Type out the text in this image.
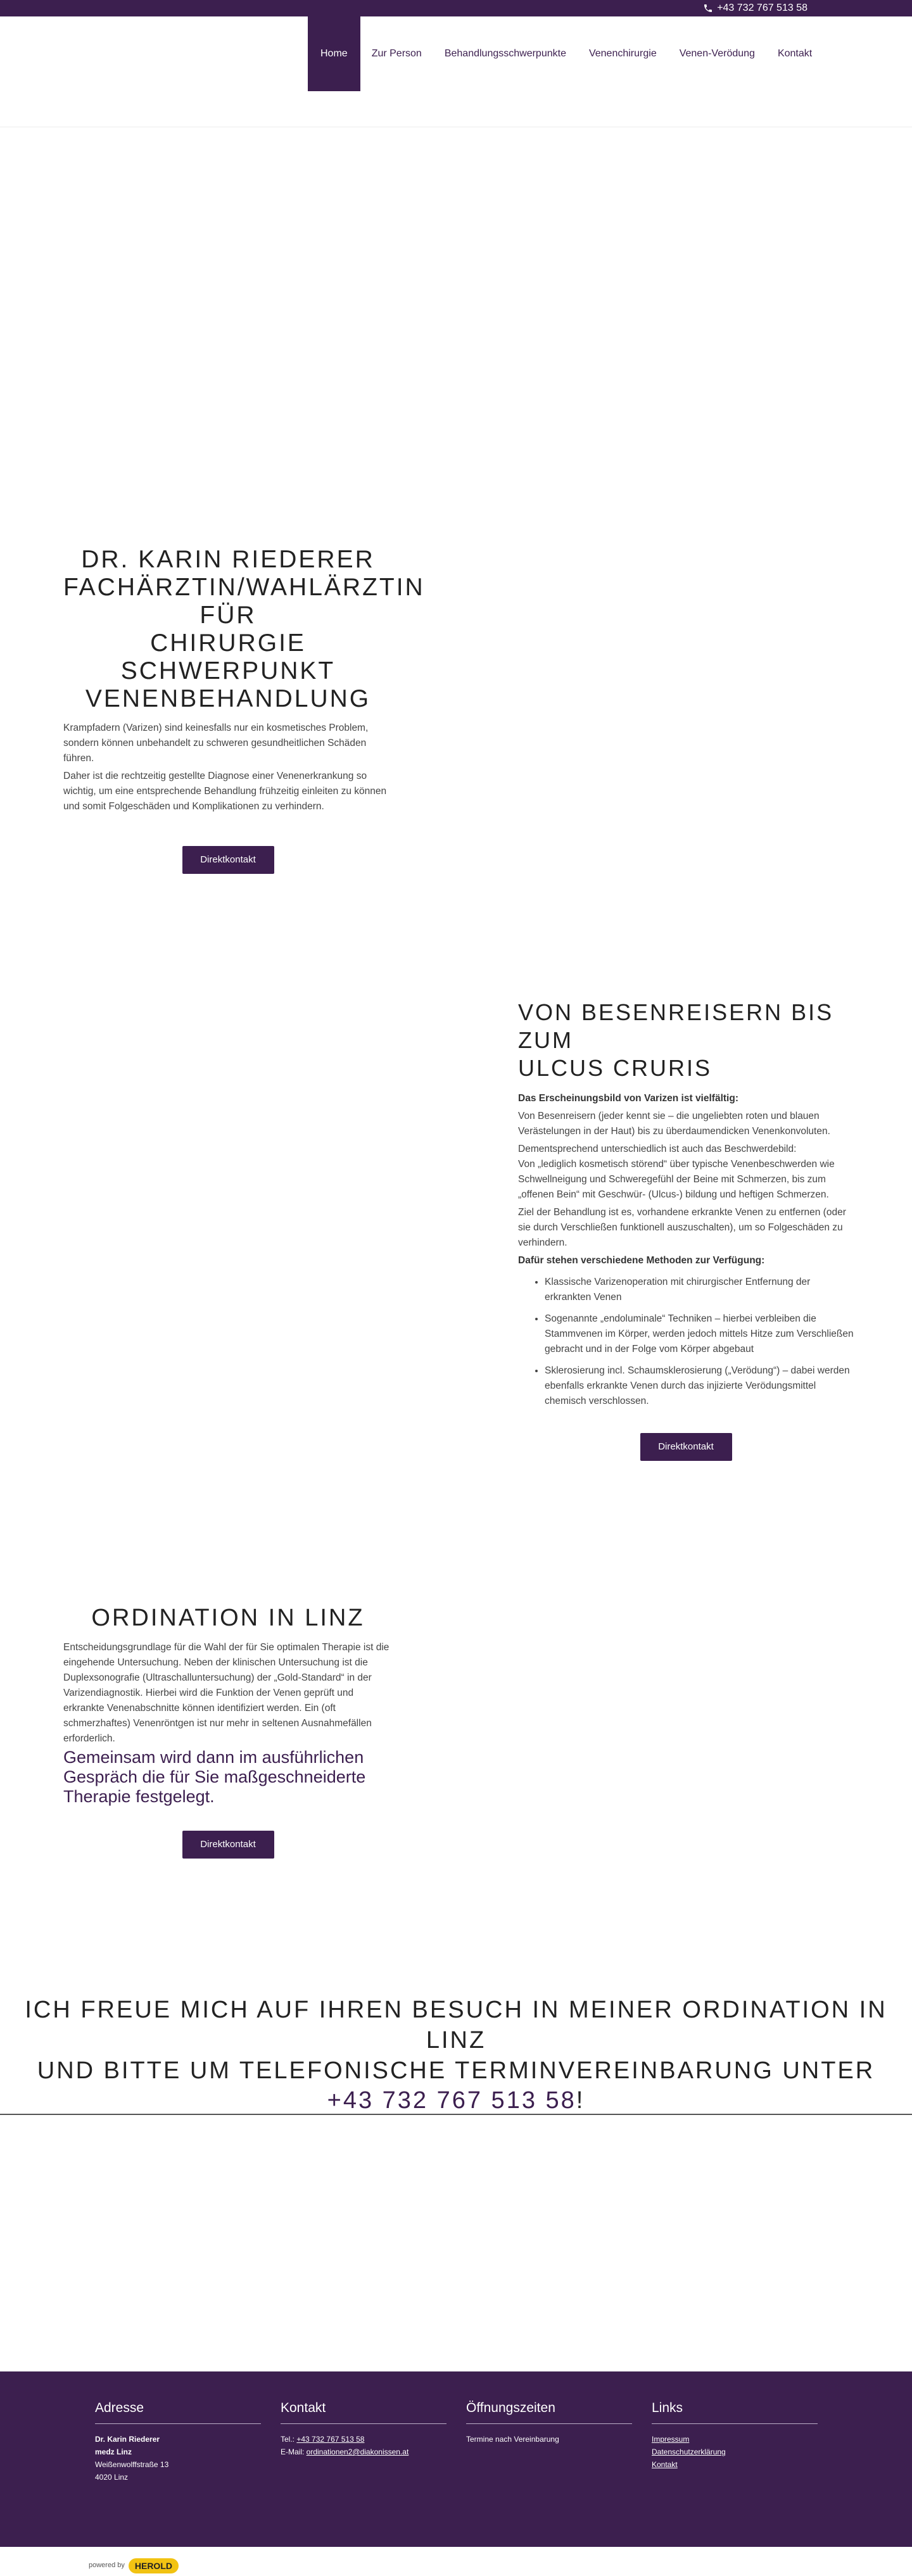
+43 732 767 513 58
Home	Zur Person	Behandlungsschwerpunkte	Venenchirurgie	Venen-Verödung	Kontakt
DR. KARIN RIEDERER
FACHÄRZTIN/WAHLÄRZTIN FÜR
CHIRURGIE
SCHWERPUNKT
VENENBEHANDLUNG

Krampfadern (Varizen) sind keinesfalls nur ein kosmetisches Problem, sondern können unbehandelt zu schweren gesundheitlichen Schäden führen.

Daher ist die rechtzeitig gestellte Diagnose einer Venenerkrankung so wichtig, um eine entsprechende Behandlung frühzeitig einleiten zu können und somit Folgeschäden und Komplikationen zu verhindern.

Direktkontakt
VON BESENREISERN BIS ZUM
ULCUS CRURIS

Das Erscheinungsbild von Varizen ist vielfältig:

Von Besenreisern (jeder kennt sie – die ungeliebten roten und blauen Verästelungen in der Haut) bis zu überdaumendicken Venenkonvoluten.

Dementsprechend unterschiedlich ist auch das Beschwerdebild:
Von „lediglich kosmetisch störend“ über typische Venenbeschwerden wie Schwellneigung und Schweregefühl der Beine mit Schmerzen, bis zum „offenen Bein“ mit Geschwür- (Ulcus-) bildung und heftigen Schmerzen.

Ziel der Behandlung ist es, vorhandene erkrankte Venen zu entfernen (oder sie durch Verschließen funktionell auszuschalten), um so Folgeschäden zu verhindern.

Dafür stehen verschiedene Methoden zur Verfügung:

• Klassische Varizenoperation mit chirurgischer Entfernung der erkrankten Venen
• Sogenannte „endoluminale“ Techniken – hierbei verbleiben die Stammvenen im Körper, werden jedoch mittels Hitze zum Verschließen gebracht und in der Folge vom Körper abgebaut
• Sklerosierung incl. Schaumsklerosierung („Verödung“) – dabei werden ebenfalls erkrankte Venen durch das injizierte Verödungsmittel chemisch verschlossen.
Direktkontakt
ORDINATION IN LINZ

Entscheidungsgrundlage für die Wahl der für Sie optimalen Therapie ist die eingehende Untersuchung. Neben der klinischen Untersuchung ist die Duplexsonografie (Ultraschalluntersuchung) der „Gold-Standard“ in der Varizendiagnostik. Hierbei wird die Funktion der Venen geprüft und erkrankte Venenabschnitte können identifiziert werden. Ein (oft schmerzhaftes) Venenröntgen ist nur mehr in seltenen Ausnahmefällen erforderlich.

Gemeinsam wird dann im ausführlichen Gespräch die für Sie maßgeschneiderte Therapie festgelegt.

Direktkontakt
ICH FREUE MICH AUF IHREN BESUCH IN MEINER ORDINATION IN LINZ
UND BITTE UM TELEFONISCHE TERMINVEREINBARUNG UNTER
+43 732 767 513 58!
Adresse
Dr. Karin Riederer
medz Linz
Weißenwolffstraße 13
4020 Linz
Kontakt
Tel.: +43 732 767 513 58
E-Mail: ordinationen2@diakonissen.at
Öffnungszeiten
Termine nach Vereinbarung
Links
Impressum
Datenschutzerklärung
Kontakt
powered by	HEROLD
